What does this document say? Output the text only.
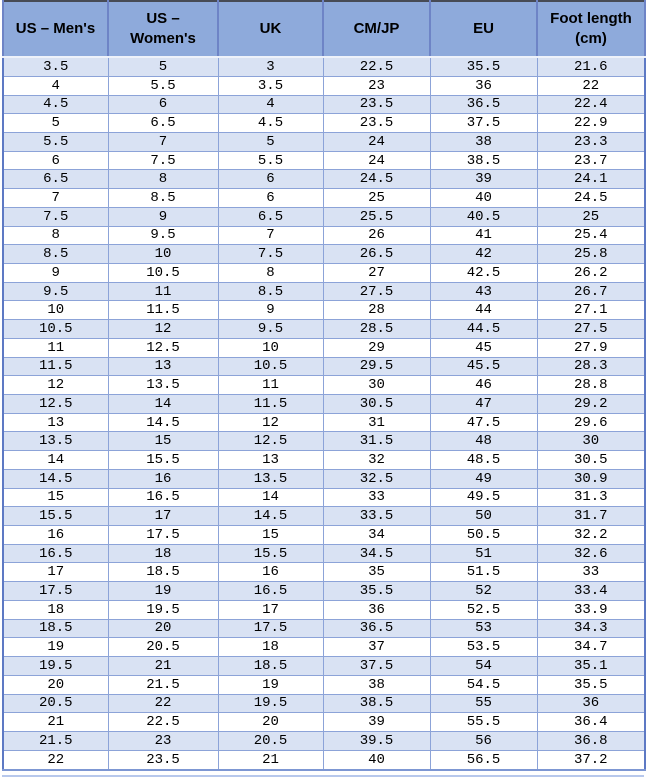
US – Men's	US – Women's	UK	CM/JP	EU	Foot length (cm)
3.5	5	3	22.5	35.5	21.6
4	5.5	3.5	23	36	22
4.5	6	4	23.5	36.5	22.4
5	6.5	4.5	23.5	37.5	22.9
5.5	7	5	24	38	23.3
6	7.5	5.5	24	38.5	23.7
6.5	8	6	24.5	39	24.1
7	8.5	6	25	40	24.5
7.5	9	6.5	25.5	40.5	25
8	9.5	7	26	41	25.4
8.5	10	7.5	26.5	42	25.8
9	10.5	8	27	42.5	26.2
9.5	11	8.5	27.5	43	26.7
10	11.5	9	28	44	27.1
10.5	12	9.5	28.5	44.5	27.5
11	12.5	10	29	45	27.9
11.5	13	10.5	29.5	45.5	28.3
12	13.5	11	30	46	28.8
12.5	14	11.5	30.5	47	29.2
13	14.5	12	31	47.5	29.6
13.5	15	12.5	31.5	48	30
14	15.5	13	32	48.5	30.5
14.5	16	13.5	32.5	49	30.9
15	16.5	14	33	49.5	31.3
15.5	17	14.5	33.5	50	31.7
16	17.5	15	34	50.5	32.2
16.5	18	15.5	34.5	51	32.6
17	18.5	16	35	51.5	33
17.5	19	16.5	35.5	52	33.4
18	19.5	17	36	52.5	33.9
18.5	20	17.5	36.5	53	34.3
19	20.5	18	37	53.5	34.7
19.5	21	18.5	37.5	54	35.1
20	21.5	19	38	54.5	35.5
20.5	22	19.5	38.5	55	36
21	22.5	20	39	55.5	36.4
21.5	23	20.5	39.5	56	36.8
22	23.5	21	40	56.5	37.2
